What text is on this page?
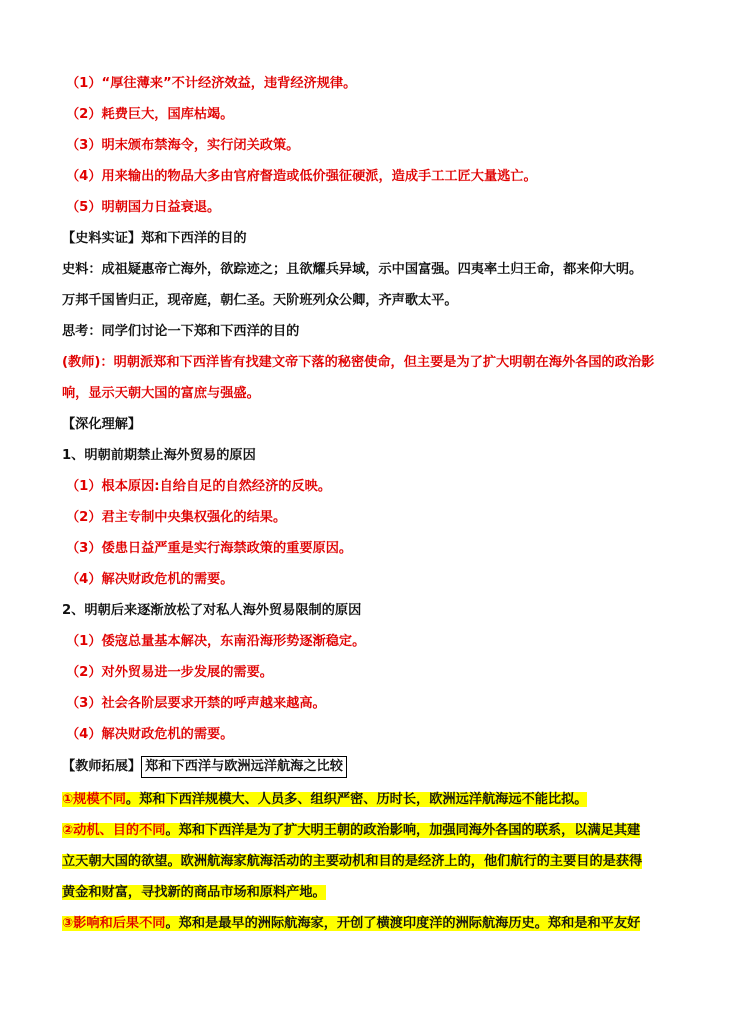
（1）“厚往薄来”不计经济效益，违背经济规律。
（2）耗费巨大，国库枯竭。
（3）明末颁布禁海令，实行闭关政策。
（4）用来输出的物品大多由官府督造或低价强征硬派，造成手工工匠大量逃亡。
（5）明朝国力日益衰退。
【史料实证】郑和下西洋的目的
史料：成祖疑惠帝亡海外，欲踪迹之；且欲耀兵异域，示中国富强。四夷率土归王命，都来仰大明。
万邦千国皆归正，现帝庭，朝仁圣。天阶班列众公卿，齐声歌太平。
思考：同学们讨论一下郑和下西洋的目的
(教师)：明朝派郑和下西洋皆有找建文帝下落的秘密使命，但主要是为了扩大明朝在海外各国的政治影
响，显示天朝大国的富庶与强盛。
【深化理解】
1、明朝前期禁止海外贸易的原因
（1）根本原因:自给自足的自然经济的反映。
（2）君主专制中央集权强化的结果。
（3）倭患日益严重是实行海禁政策的重要原因。
（4）解决财政危机的需要。
2、明朝后来逐渐放松了对私人海外贸易限制的原因
（1）倭寇总量基本解决，东南沿海形势逐渐稳定。
（2）对外贸易进一步发展的需要。
（3）社会各阶层要求开禁的呼声越来越高。
（4）解决财政危机的需要。
【教师拓展】 郑和下西洋与欧洲远洋航海之比较
①规模不同。郑和下西洋规模大、人员多、组织严密、历时长，欧洲远洋航海远不能比拟。
②动机、目的不同。郑和下西洋是为了扩大明王朝的政治影响，加强同海外各国的联系，以满足其建
立天朝大国的欲望。欧洲航海家航海活动的主要动机和目的是经济上的，他们航行的主要目的是获得
黄金和财富，寻找新的商品市场和原料产地。
③影响和后果不同。郑和是最早的洲际航海家，开创了横渡印度洋的洲际航海历史。郑和是和平友好
